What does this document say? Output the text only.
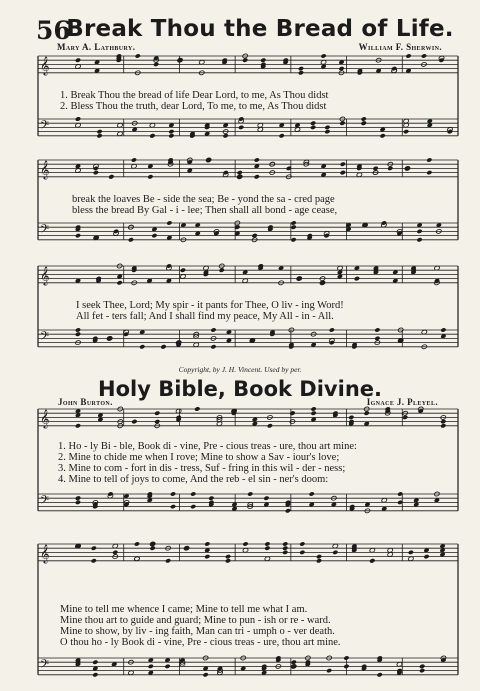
56
Break Thou the Bread of Life.
Mary A. Lathbury.	William F. Sherwin.
𝄞
𝄢
𝄞
𝄢
𝄞
𝄢
𝄞
𝄢
𝄞
𝄢
1. Break Thou the bread of life Dear Lord, to me, As Thou didst
2. Bless Thou the truth, dear Lord, To me, to me, As Thou didst
break the loaves Be - side the sea; Be - yond the sa - cred page
bless the bread By Gal - i - lee; Then shall all bond - age cease,
I seek Thee, Lord; My spir - it pants for Thee, O liv - ing Word!
All fet - ters fall; And I shall find my peace, My All - in - All.
Copyright, by J. H. Vincent. Used by per.
Holy Bible, Book Divine.
John Burton.	Ignace J. Pleyel.
1. Ho - ly Bi - ble, Book di - vine, Pre - cious treas - ure, thou art mine:
2. Mine to chide me when I rove; Mine to show a Sav - iour's love;
3. Mine to com - fort in dis - tress, Suf - fring in this wil - der - ness;
4. Mine to tell of joys to come, And the reb - el sin - ner's doom:
Mine to tell me whence I came; Mine to tell me what I am.
Mine thou art to guide and guard; Mine to pun - ish or re - ward.
Mine to show, by liv - ing faith, Man can tri - umph o - ver death.
O thou ho - ly Book di - vine, Pre - cious treas - ure, thou art mine.
